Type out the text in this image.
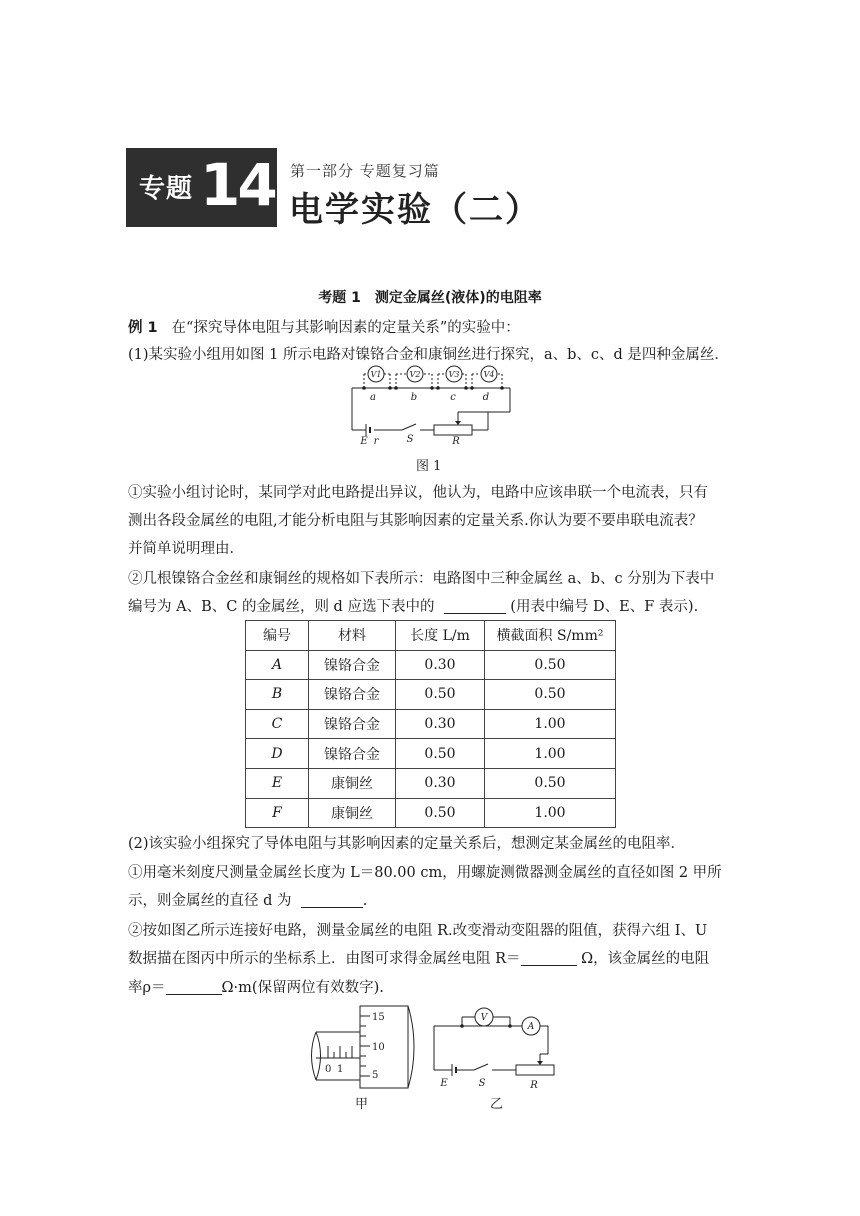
专题 14 第一部分 专题复习篇
电学实验（二）
考题 1　测定金属丝(液体)的电阻率
例 1 在“探究导体电阻与其影响因素的定量关系”的实验中：
(1)某实验小组用如图 1 所示电路对镍铬合金和康铜丝进行探究，a、b、c、d 是四种金属丝．
V1	V2	V3	V4
a	b	c	d
E r	S	R
图 1
①实验小组讨论时，某同学对此电路提出异议，他认为，电路中应该串联一个电流表，只有
测出各段金属丝的电阻,才能分析电阻与其影响因素的定量关系.你认为要不要串联电流表？
并简单说明理由．
②几根镍铬合金丝和康铜丝的规格如下表所示：电路图中三种金属丝 a、b、c 分别为下表中
编号为 A、B、C 的金属丝，则 d 应选下表中的	(用表中编号 D、E、F 表示).
编号	材料	长度 L/m	横截面积 S/mm²
A	镍铬合金	0.30	0.50
B	镍铬合金	0.50	0.50
C	镍铬合金	0.30	1.00
D	镍铬合金	0.50	1.00
E	康铜丝	0.30	0.50
F	康铜丝	0.50	1.00
(2)该实验小组探究了导体电阻与其影响因素的定量关系后，想测定某金属丝的电阻率．
①用毫米刻度尺测量金属丝长度为 L＝80.00 cm，用螺旋测微器测金属丝的直径如图 2 甲所
示，则金属丝的直径 d 为	.
②按如图乙所示连接好电路，测量金属丝的电阻 R.改变滑动变阻器的阻值，获得六组 I、U
数据描在图丙中所示的坐标系上．由图可求得金属丝电阻 R＝	Ω，该金属丝的电阻
率ρ＝	Ω·m(保留两位有效数字).
15
10
5
0 1
甲
V
A
E	S	R
乙
